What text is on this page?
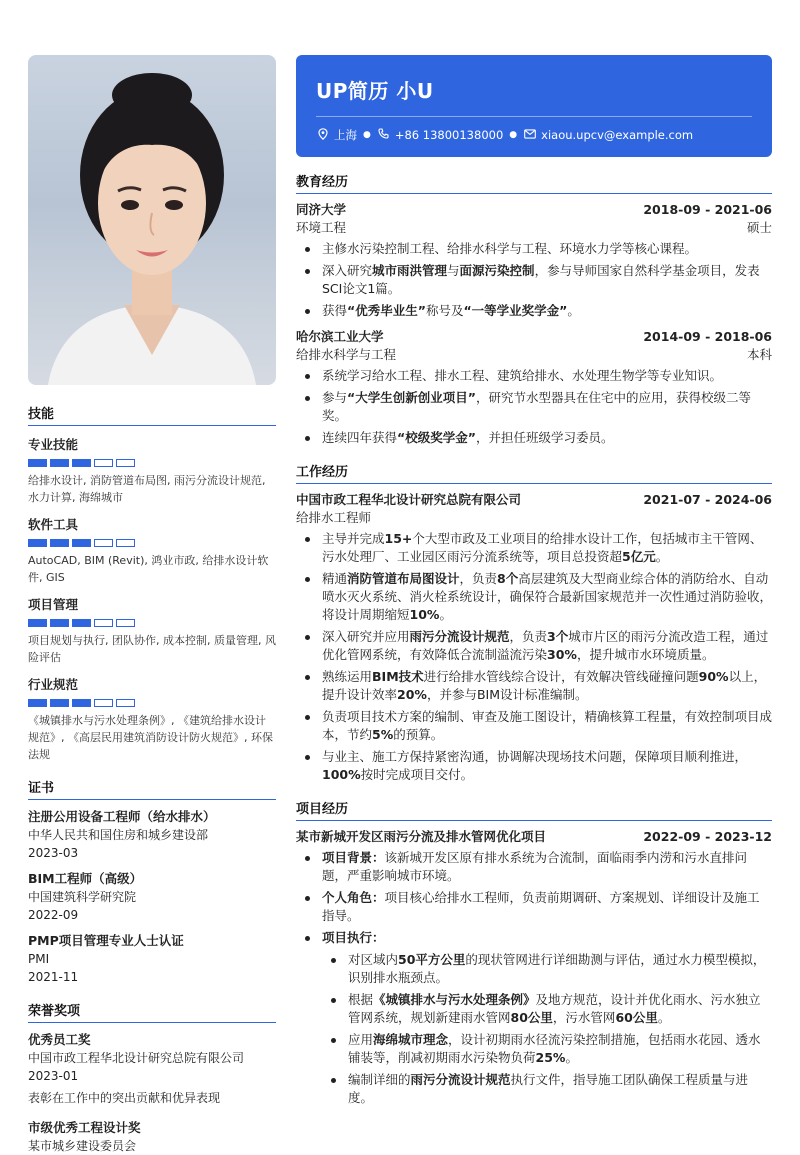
技能
专业技能
给排水设计, 消防管道布局图, 雨污分流设计规范, 水力计算, 海绵城市
软件工具
AutoCAD, BIM (Revit), 鸿业市政, 给排水设计软件, GIS
项目管理
项目规划与执行, 团队协作, 成本控制, 质量管理, 风险评估
行业规范
《城镇排水与污水处理条例》, 《建筑给排水设计规范》, 《高层民用建筑消防设计防火规范》, 环保法规
证书
注册公用设备工程师（给水排水）
中华人民共和国住房和城乡建设部
2023-03
BIM工程师（高级）
中国建筑科学研究院
2022-09
PMP项目管理专业人士认证
PMI
2021-11
荣誉奖项
优秀员工奖
中国市政工程华北设计研究总院有限公司
2023-01
表彰在工作中的突出贡献和优异表现
市级优秀工程设计奖
某市城乡建设委员会
UP简历 小U
上海 ● +86 13800138000 ● xiaou.upcv@example.com
教育经历
同济大学	2018-09 - 2021-06
环境工程	硕士
主修水污染控制工程、给排水科学与工程、环境水力学等核心课程。
深入研究城市雨洪管理与面源污染控制，参与导师国家自然科学基金项目，发表SCI论文1篇。
获得“优秀毕业生”称号及“一等学业奖学金”。
哈尔滨工业大学	2014-09 - 2018-06
给排水科学与工程	本科
系统学习给水工程、排水工程、建筑给排水、水处理生物学等专业知识。
参与“大学生创新创业项目”，研究节水型器具在住宅中的应用，获得校级二等奖。
连续四年获得“校级奖学金”，并担任班级学习委员。
工作经历
中国市政工程华北设计研究总院有限公司	2021-07 - 2024-06
给排水工程师
主导并完成15+个大型市政及工业项目的给排水设计工作，包括城市主干管网、污水处理厂、工业园区雨污分流系统等，项目总投资超5亿元。
精通消防管道布局图设计，负责8个高层建筑及大型商业综合体的消防给水、自动喷水灭火系统、消火栓系统设计，确保符合最新国家规范并一次性通过消防验收，将设计周期缩短10%。
深入研究并应用雨污分流设计规范，负责3个城市片区的雨污分流改造工程，通过优化管网系统，有效降低合流制溢流污染30%，提升城市水环境质量。
熟练运用BIM技术进行给排水管线综合设计，有效解决管线碰撞问题90%以上，提升设计效率20%，并参与BIM设计标准编制。
负责项目技术方案的编制、审查及施工图设计，精确核算工程量，有效控制项目成本，节约5%的预算。
与业主、施工方保持紧密沟通，协调解决现场技术问题，保障项目顺利推进，100%按时完成项目交付。
项目经历
某市新城开发区雨污分流及排水管网优化项目	2022-09 - 2023-12
项目背景：该新城开发区原有排水系统为合流制，面临雨季内涝和污水直排问题，严重影响城市环境。
个人角色：项目核心给排水工程师，负责前期调研、方案规划、详细设计及施工指导。
项目执行：
对区域内50平方公里的现状管网进行详细勘测与评估，通过水力模型模拟，识别排水瓶颈点。
根据《城镇排水与污水处理条例》及地方规范，设计并优化雨水、污水独立管网系统，规划新建雨水管网80公里，污水管网60公里。
应用海绵城市理念，设计初期雨水径流污染控制措施，包括雨水花园、透水铺装等，削减初期雨水污染物负荷25%。
编制详细的雨污分流设计规范执行文件，指导施工团队确保工程质量与进度。
